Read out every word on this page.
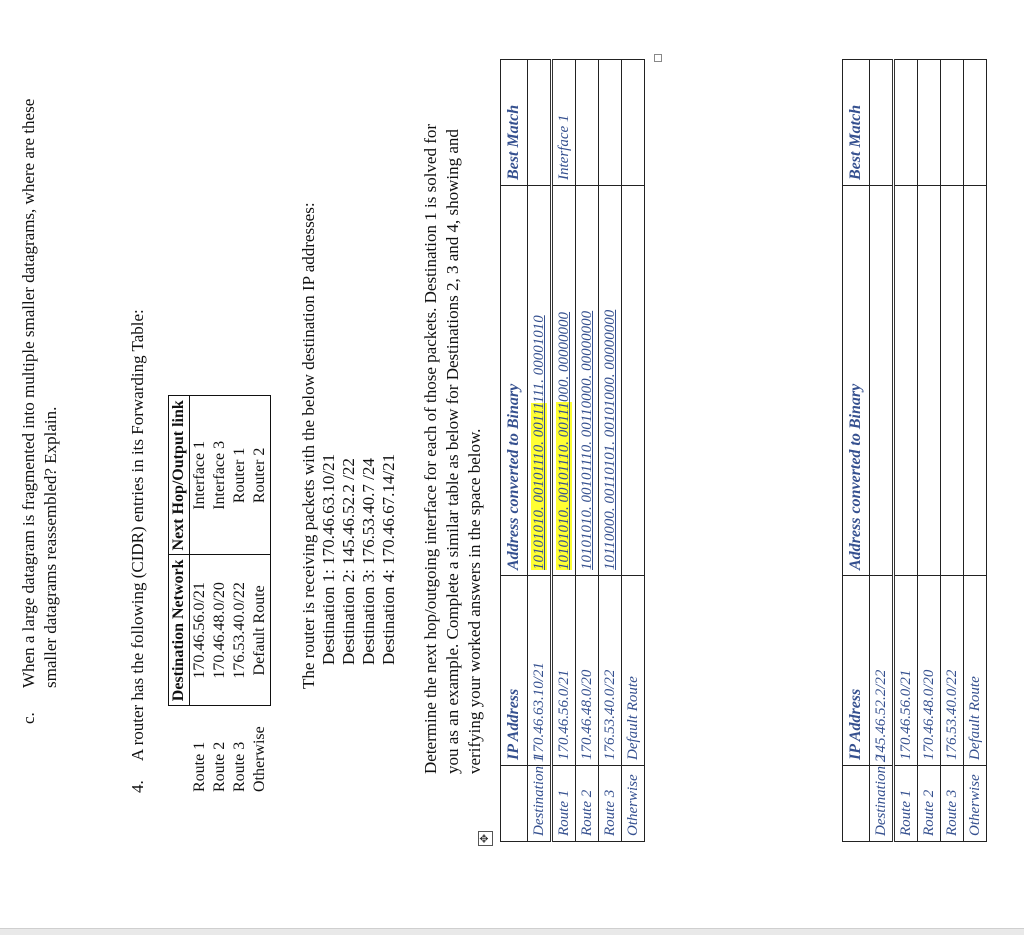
c.
When a large datagram is fragmented into multiple smaller datagrams, where are these smaller datagrams reassembled? Explain.
4.
A router has the following (CIDR) entries in its Forwarding Table:
	Destination Network	Next Hop/Output link
Route 1	170.46.56.0/21	Interface 1
Route 2	170.46.48.0/20	Interface 3
Route 3	176.53.40.0/22	Router 1
Otherwise	Default Route	Router 2 The router is receiving packets with the below destination IP addresses: Destination 1: 170.46.63.10/21 Destination 2: 145.46.52.2 /22 Destination 3: 176.53.40.7 /24 Destination 4: 170.46.67.14/21 Determine the next hop/outgoing interface for each of those packets. Destination 1 is solved for you as an example. Complete a similar table as below for Destinations 2, 3 and 4, showing and verifying your worked answers in the space below.
✥
	IP Address	Address converted to Binary	Best Match
Destination 1	170.46.63.10/21	10101010. 00101110. 00111111. 00001010	
Route 1	170.46.56.0/21	10101010. 00101110. 00111000. 00000000	Interface 1
Route 2	170.46.48.0/20	10101010. 00101110. 00110000. 00000000	
Route 3	176.53.40.0/22	10110000. 00110101. 00101000. 00000000	
Otherwise	Default Route		
		IP Address	Address converted to Binary	Best Match
Destination 2	145.46.52.2/22		
Route 1	170.46.56.0/21		
Route 2	170.46.48.0/20		
Route 3	176.53.40.0/22		
Otherwise	Default Route		
